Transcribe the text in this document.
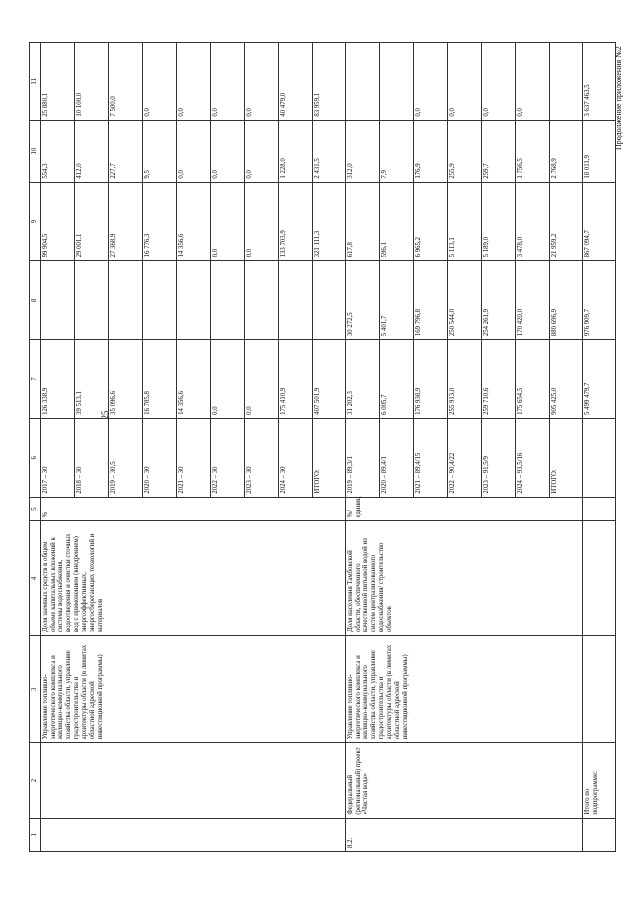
25
Продолжение приложения №2
1	2	3	4	5	6	7	8	9	10	11
		Управление топливно-энергетического комплекса и жилищно-коммунального хозяйства области, управление градостроительства и архитектуры области (в лимитах областной адресной инвестиционной программы)	Доля заемных средств в общем объеме капитальных вложений в системы водоснабжения, водоотведения и очистки сточных вод с применением (внедрением) энергоэффективных, энергосберегающих технологий и материалов	%	2017 – 30	126 338,9		99 904,5	554,3	25 880,1
					2018 – 30	39 513,1		29 001,1	412,0	10 100,0
					2019 – 30,5	35 096,6		27 368,9	227,7	7 500,0
					2020 – 30	16 785,8		16 776,3	9,5	0,0
					2021 – 30	14 356,6		14 356,6	0,0	0,0
					2022 – 30	0,0		0,0	0,0	0,0
					2023 – 30	0,0		0,0	0,0	0,0
					2024 – 30	175 410,9		133 703,9	1 228,0	40 479,0
					ИТОГО:	407 501,9		321 111,3	2 431,5	83 959,1
8.2.	Федеральный (региональный) проект «Чистая вода»	Управление топливно-энергетического комплекса и жилищно-коммунального хозяйства области, управление градостроительства и архитектуры области (в лимитах областной адресной инвестиционной программы)	Доля населения Тамбовской области, обеспеченного качественной питьевой водой из систем централизованного водоснабжения/ строительство объектов	%/единиц	2019 – 89,3/1	31 202,3	30 272,5	617,8	312,0	
					2020 – 89,4/1	6 005,7	5 401,7	596,1	7,9	
					2021 – 89,4/15	176 938,9	169 796,8	6 965,2	176,9	0,0
					2022 – 90,4/22	255 913,0	250 544,0	5 113,1	255,9	0,0
					2023 – 91,5/9	259 710,6	254 261,9	5 189,0	259,7	0,0
					2024 – 93,5/16	175 654,5	170 420,0	3 478,0	1 756,5	0,0
					ИТОГО:	905 425,0	880 696,9	21 959,2	2 768,9	
	Итого по подпрограмме:					5 499 479,7	976 909,7	867 094,7	18 011,9	3 637 463,5
